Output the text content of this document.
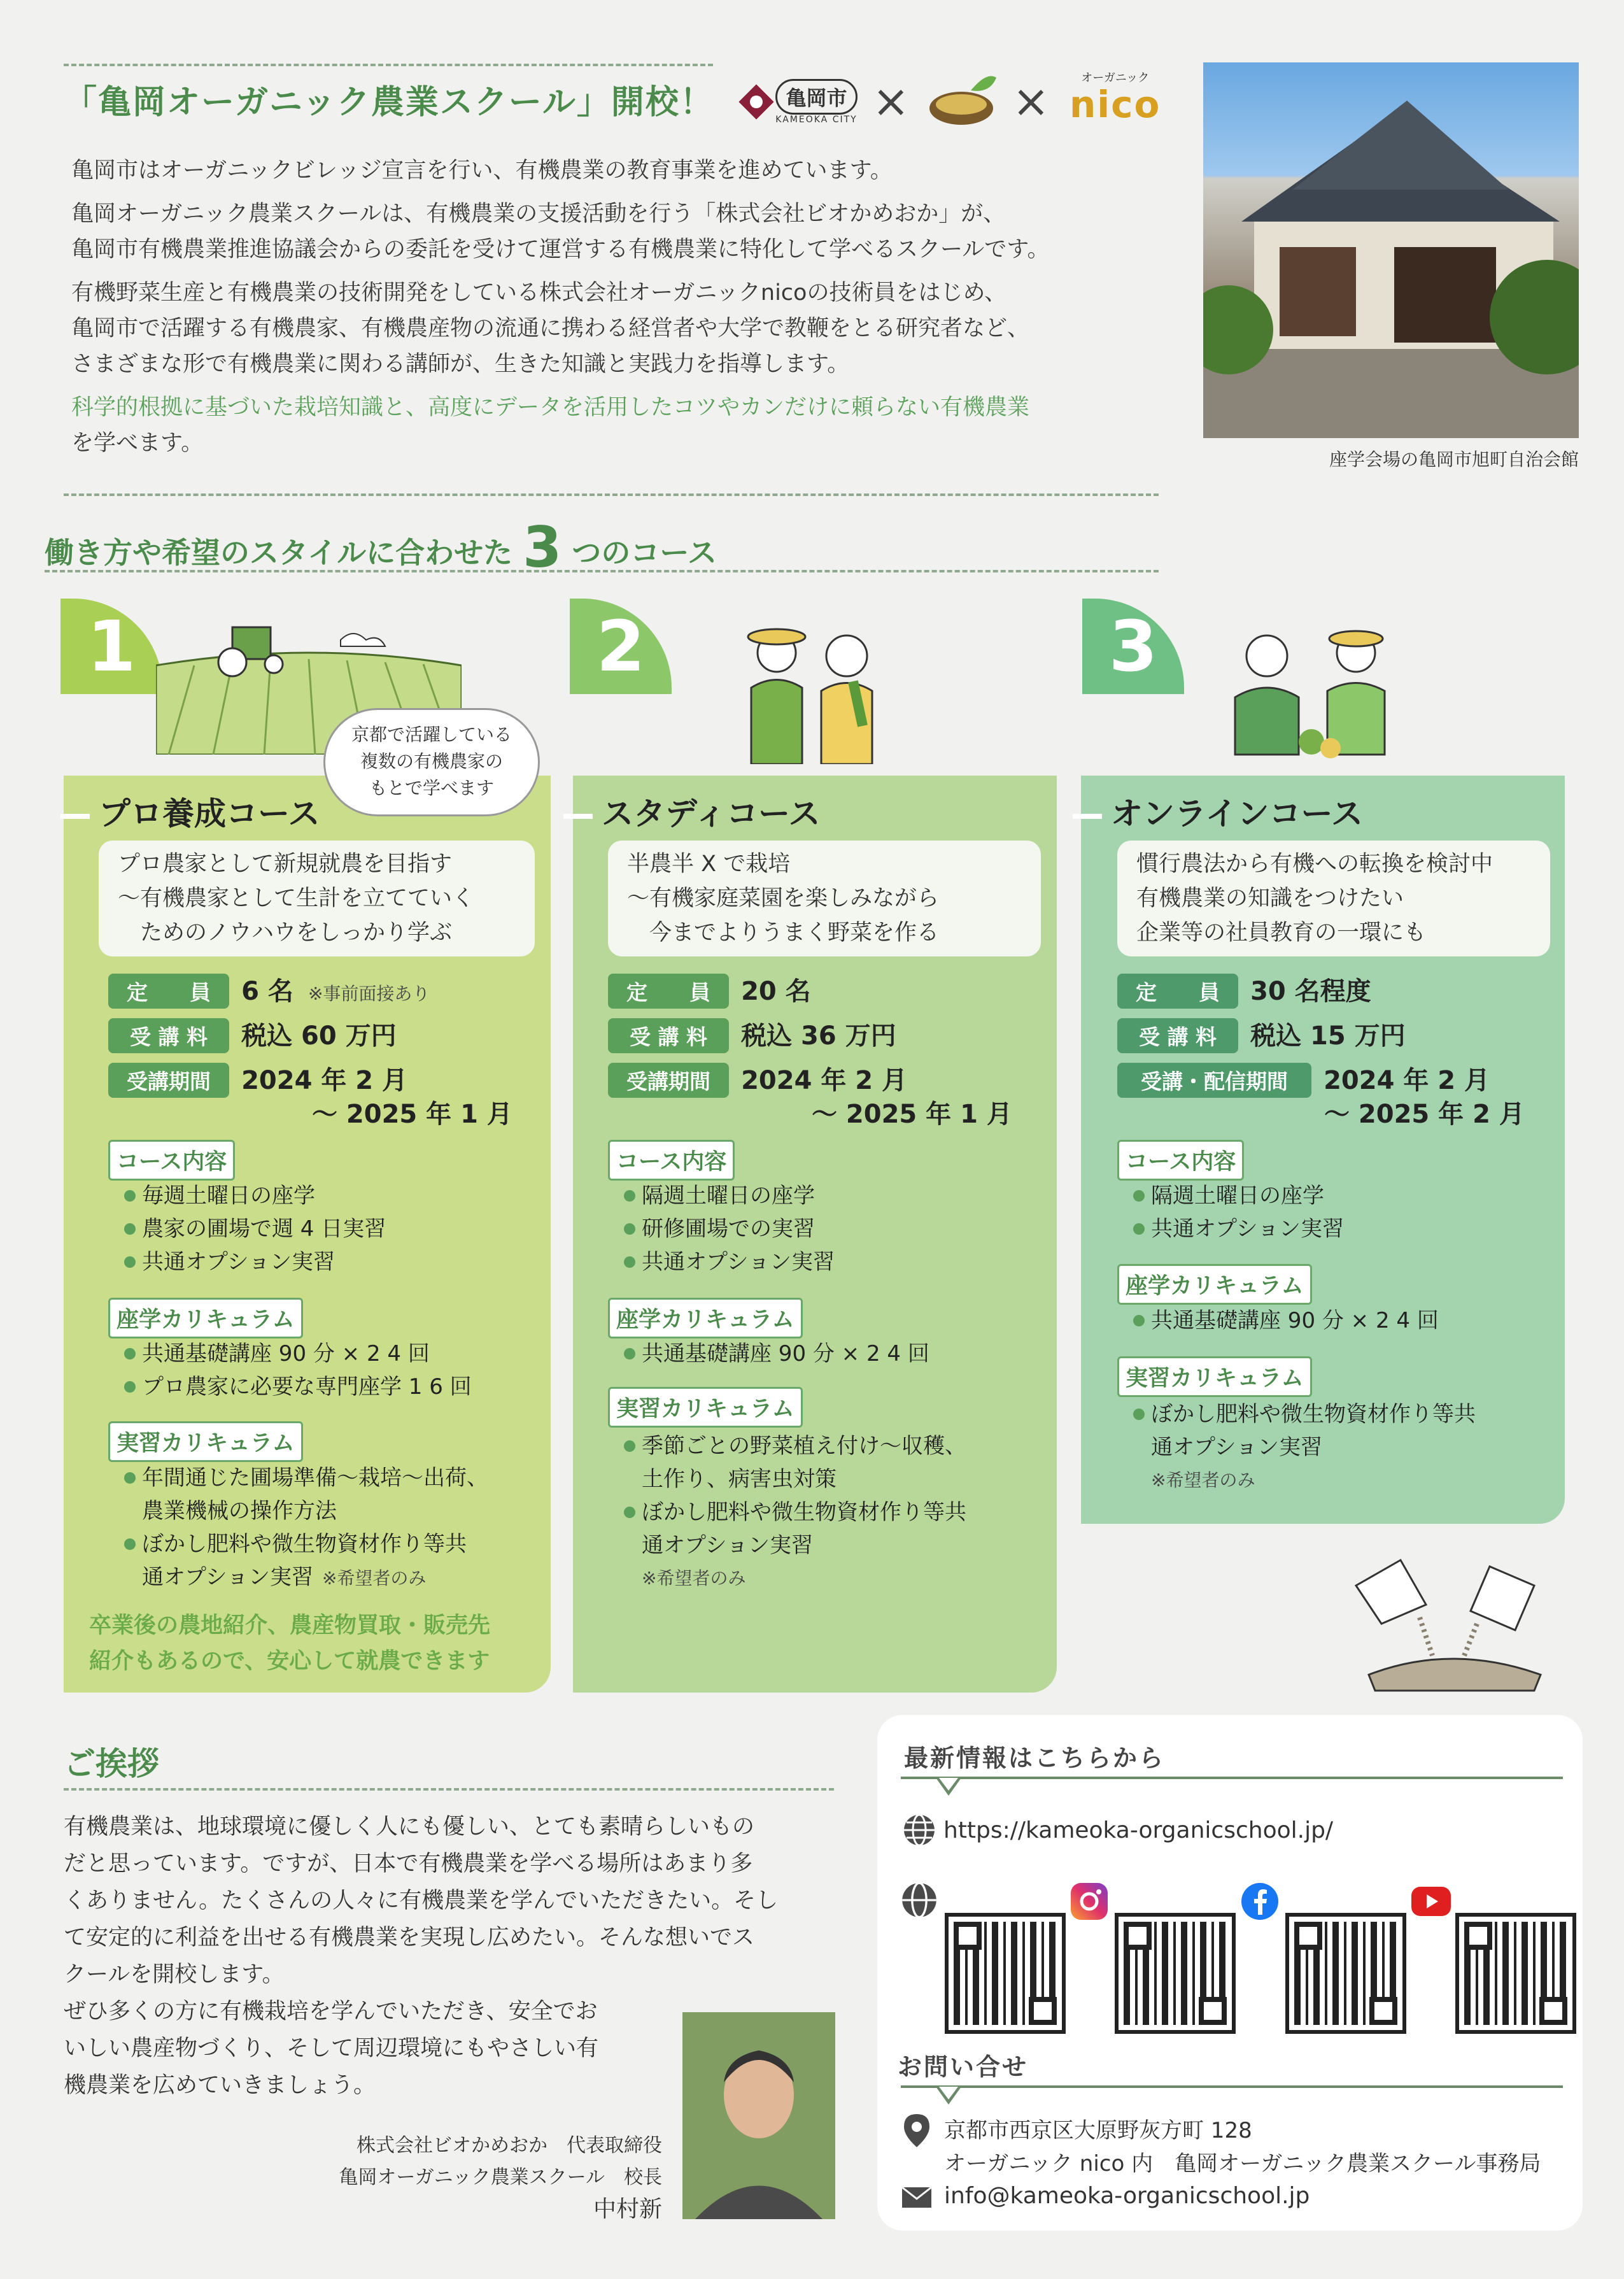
「亀岡オーガニック農業スクール」開校！	亀岡市
KAMEOKA CITY × ×	オーガニック
nico

亀岡市はオーガニックビレッジ宣言を行い、有機農業の教育事業を進めています。

亀岡オーガニック農業スクールは、有機農業の支援活動を行う「株式会社ビオかめおか」が、

亀岡市有機農業推進協議会からの委託を受けて運営する有機農業に特化して学べるスクールです。

有機野菜生産と有機農業の技術開発をしている株式会社オーガニックnicoの技術員をはじめ、

亀岡市で活躍する有機農家、有機農産物の流通に携わる経営者や大学で教鞭をとる研究者など、

さまざまな形で有機農業に関わる講師が、生きた知識と実践力を指導します。

科学的根拠に基づいた栽培知識と、高度にデータを活用したコツやカンだけに頼らない有機農業

を学べます。

座学会場の亀岡市旭町自治会館
働き方や希望のスタイルに合わせた 3 つのコース
1
京都で活躍している
複数の有機農家の
もとで学べます
プロ養成コース
プロ農家として新規就農を目指す
〜有機農家として生計を立てていく
　ためのノウハウをしっかり学ぶ
定　　員 6 名 ※事前面接あり
受 講 料 税込 60 万円
受講期間 2024 年 2 月
〜 2025 年 1 月
コース内容
毎週土曜日の座学
農家の圃場で週 4 日実習
共通オプション実習
座学カリキュラム
共通基礎講座 90 分 × 2 4 回
プロ農家に必要な専門座学 1 6 回
実習カリキュラム
年間通じた圃場準備〜栽培〜出荷、
農業機械の操作方法
ぼかし肥料や微生物資材作り等共
通オプション実習 ※希望者のみ
卒業後の農地紹介、農産物買取・販売先
紹介もあるので、安心して就農できます
2
スタディコース
半農半 X で栽培
〜有機家庭菜園を楽しみながら
　今までよりうまく野菜を作る
定　　員 20 名
受 講 料 税込 36 万円
受講期間 2024 年 2 月
〜 2025 年 1 月
コース内容
隔週土曜日の座学
研修圃場での実習
共通オプション実習
座学カリキュラム
共通基礎講座 90 分 × 2 4 回
実習カリキュラム
季節ごとの野菜植え付け〜収穫、
土作り、病害虫対策
ぼかし肥料や微生物資材作り等共
通オプション実習
※希望者のみ
3
オンラインコース
慣行農法から有機への転換を検討中
有機農業の知識をつけたい
企業等の社員教育の一環にも
定　　員 30 名程度
受 講 料 税込 15 万円
受講・配信期間 2024 年 2 月
〜 2025 年 2 月
コース内容
隔週土曜日の座学
共通オプション実習
座学カリキュラム
共通基礎講座 90 分 × 2 4 回
実習カリキュラム
ぼかし肥料や微生物資材作り等共
通オプション実習
※希望者のみ
ご挨拶

有機農業は、地球環境に優しく人にも優しい、とても素晴らしいもの

だと思っています。ですが、日本で有機農業を学べる場所はあまり多

くありません。たくさんの人々に有機農業を学んでいただきたい。そし

て安定的に利益を出せる有機農業を実現し広めたい。そんな想いでス

クールを開校します。

ぜひ多くの方に有機栽培を学んでいただき、安全でお

いしい農産物づくり、そして周辺環境にもやさしい有

機農業を広めていきましょう。

株式会社ビオかめおか　代表取締役
亀岡オーガニック農業スクール　校長
中村新
最新情報はこちらから
https://kameoka-organicschool.jp/
お問い合せ
京都市西京区大原野灰方町 128
オーガニック nico 内　亀岡オーガニック農業スクール事務局
info@kameoka-organicschool.jp
